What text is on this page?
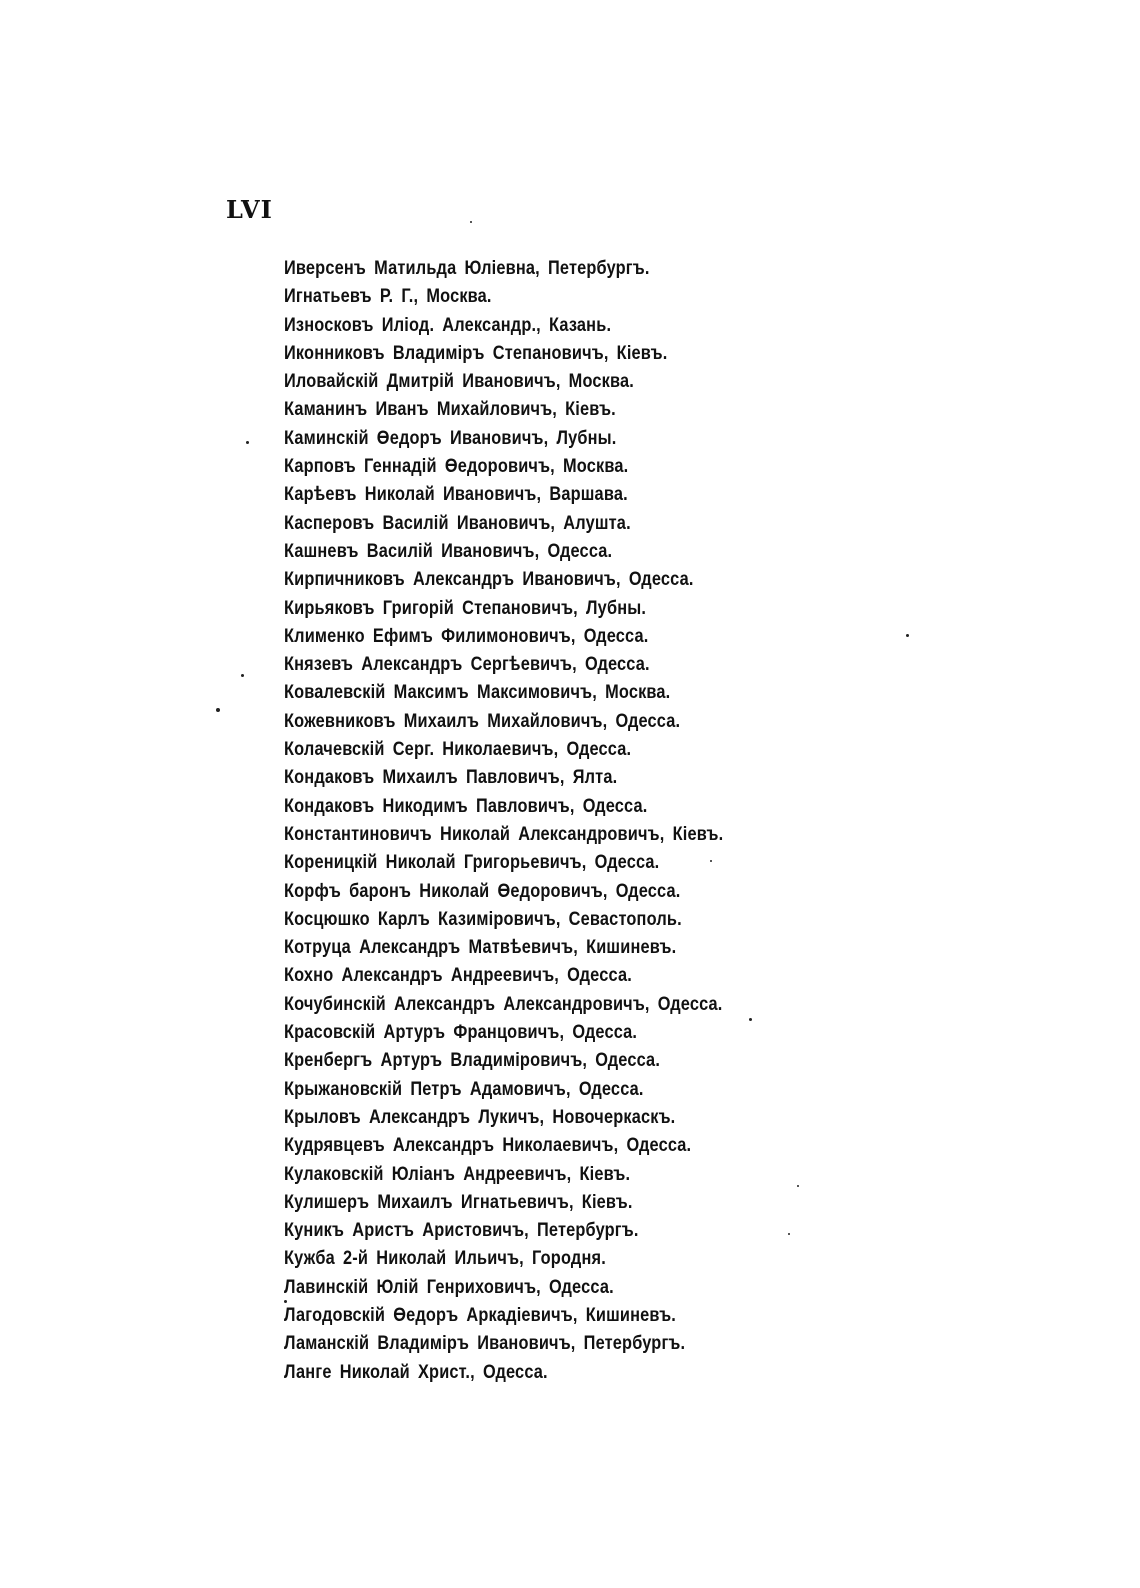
LVI
Иверсенъ Матильда Юліевна, Петербургъ.
Игнатьевъ Р. Г., Москва.
Износковъ Иліод. Александр., Казань.
Иконниковъ Владиміръ Степановичъ, Кіевъ.
Иловайскій Дмитрій Ивановичъ, Москва.
Каманинъ Иванъ Михайловичъ, Кіевъ.
Каминскій Өедоръ Ивановичъ, Лубны.
Карповъ Геннадій Өедоровичъ, Москва.
Карѣевъ Николай Ивановичъ, Варшава.
Касперовъ Василій Ивановичъ, Алушта.
Кашневъ Василій Ивановичъ, Одесса.
Кирпичниковъ Александръ Ивановичъ, Одесса.
Кирьяковъ Григорій Степановичъ, Лубны.
Клименко Ефимъ Филимоновичъ, Одесса.
Князевъ Александръ Сергѣевичъ, Одесса.
Ковалевскій Максимъ Максимовичъ, Москва.
Кожевниковъ Михаилъ Михайловичъ, Одесса.
Колачевскій Серг. Николаевичъ, Одесса.
Кондаковъ Михаилъ Павловичъ, Ялта.
Кондаковъ Никодимъ Павловичъ, Одесса.
Константиновичъ Николай Александровичъ, Кіевъ.
Кореницкій Николай Григорьевичъ, Одесса.
Корфъ баронъ Николай Өедоровичъ, Одесса.
Косцюшко Карлъ Казиміровичъ, Севастополь.
Котруца Александръ Матвѣевичъ, Кишиневъ.
Кохно Александръ Андреевичъ, Одесса.
Кочубинскій Александръ Александровичъ, Одесса.
Красовскій Артуръ Францовичъ, Одесса.
Кренбергъ Артуръ Владиміровичъ, Одесса.
Крыжановскій Петръ Адамовичъ, Одесса.
Крыловъ Александръ Лукичъ, Новочеркаскъ.
Кудрявцевъ Александръ Николаевичъ, Одесса.
Кулаковскій Юліанъ Андреевичъ, Кіевъ.
Кулишеръ Михаилъ Игнатьевичъ, Кіевъ.
Куникъ Аристъ Аристовичъ, Петербургъ.
Кужба 2-й Николай Ильичъ, Городня.
Лавинскій Юлій Генриховичъ, Одесса.
Лагодовскій Өедоръ Аркадіевичъ, Кишиневъ.
Ламанскій Владиміръ Ивановичъ, Петербургъ.
Ланге Николай Христ., Одесса.
